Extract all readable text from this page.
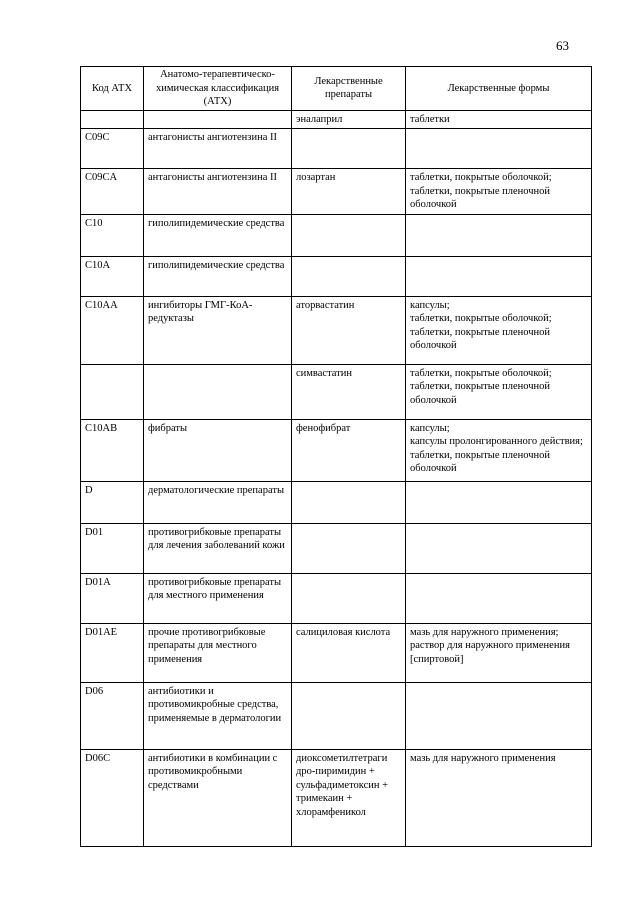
63
Код АТХ	Анатомо-терапевтическо-химическая классификация (АТХ)	Лекарственные препараты	Лекарственные формы
		эналаприл	таблетки
C09C	антагонисты ангиотензина II		
C09CA	антагонисты ангиотензина II	лозартан	таблетки, покрытые оболочкой;
таблетки, покрытые пленочной оболочкой
C10	гиполипидемические средства		
C10A	гиполипидемические средства		
C10AA	ингибиторы ГМГ-КоА-редуктазы	аторвастатин	капсулы;
таблетки, покрытые оболочкой;
таблетки, покрытые пленочной оболочкой
		симвастатин	таблетки, покрытые оболочкой;
таблетки, покрытые пленочной оболочкой
C10AB	фибраты	фенофибрат	капсулы;
капсулы пролонгированного действия;
таблетки, покрытые пленочной оболочкой
D	дерматологические препараты		
D01	противогрибковые препараты для лечения заболеваний кожи		
D01A	противогрибковые препараты для местного применения		
D01AE	прочие противогрибковые препараты для местного применения	салициловая кислота	мазь для наружного применения;
раствор для наружного применения [спиртовой]
D06	антибиотики и противомикробные средства, применяемые в дерматологии		
D06C	антибиотики в комбинации с противомикробными средствами	диоксометилтетраги дро-пиримидин + сульфадиметоксин + тримекаин + хлорамфеникол	мазь для наружного применения
